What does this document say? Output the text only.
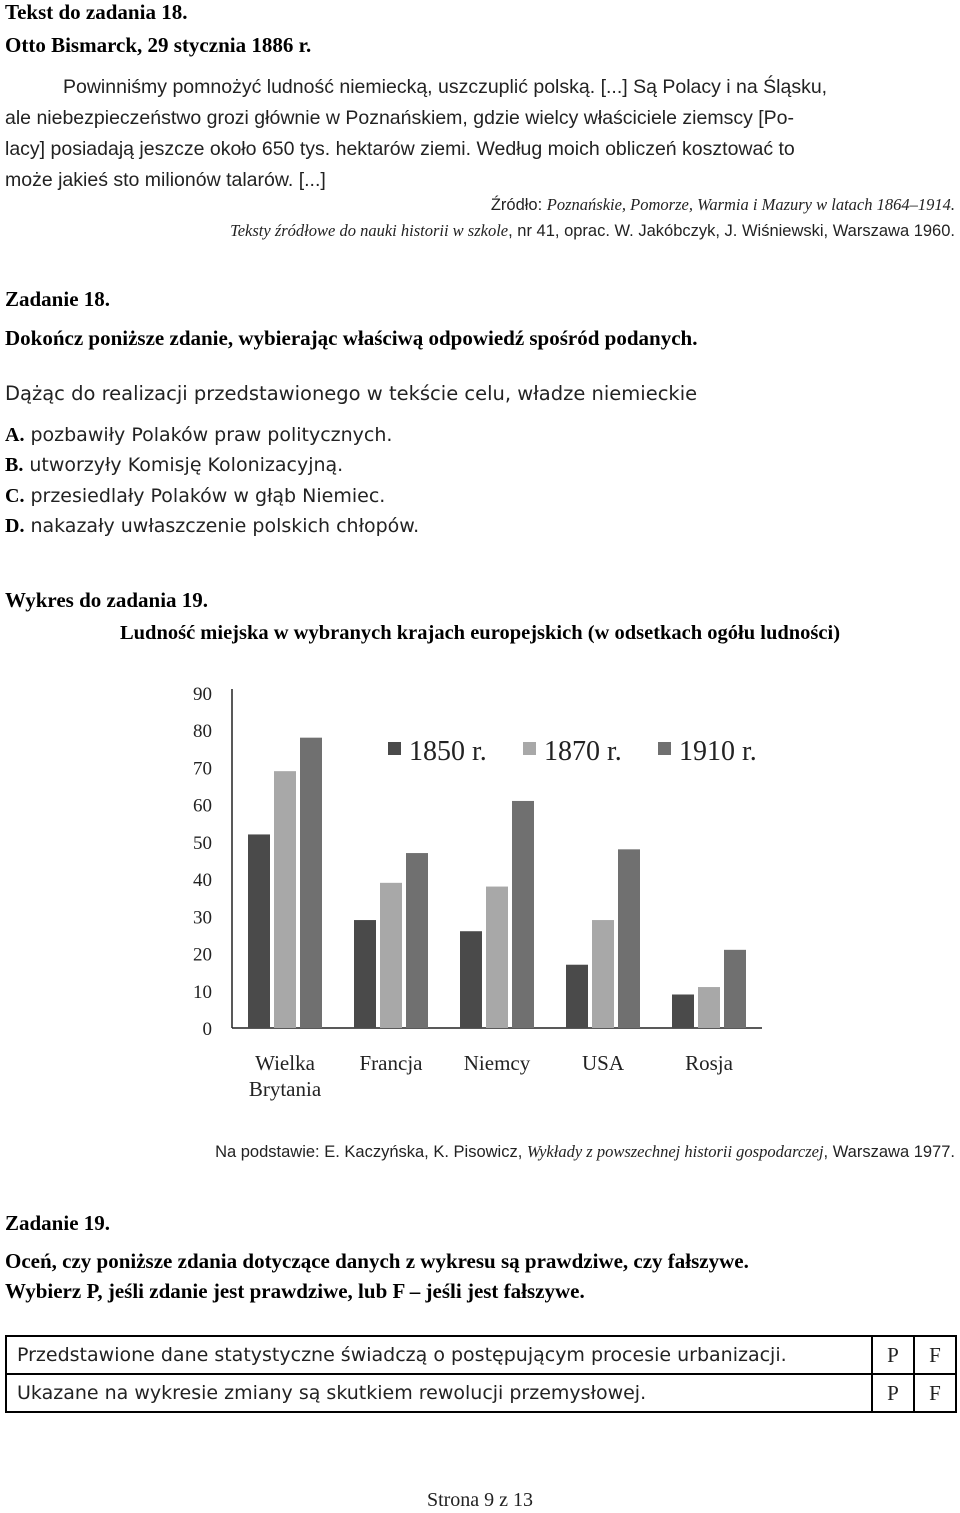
Tekst do zadania 18.
Otto Bismarck, 29 stycznia 1886 r.

Powinniśmy pomnożyć ludność niemiecką, uszczuplić polską. [...] Są Polacy i na Śląsku,

ale niebezpieczeństwo grozi głównie w Poznańskiem, gdzie wielcy właściciele ziemscy [Po-

lacy] posiadają jeszcze około 650 tys. hektarów ziemi. Według moich obliczeń kosztować to

może jakieś sto milionów talarów. [...]

Źródło: Poznańskie, Pomorze, Warmia i Mazury w latach 1864–1914.
Teksty źródłowe do nauki historii w szkole, nr 41, oprac. W. Jakóbczyk, J. Wiśniewski, Warszawa 1960.
Zadanie 18.
Dokończ poniższe zdanie, wybierając właściwą odpowiedź spośród podanych.
Dążąc do realizacji przedstawionego w tekście celu, władze niemieckie
A. pozbawiły Polaków praw politycznych.
B. utworzyły Komisję Kolonizacyjną.
C. przesiedlały Polaków w głąb Niemiec.
D. nakazały uwłaszczenie polskich chłopów.
Wykres do zadania 19.
Ludność miejska w wybranych krajach europejskich (w odsetkach ogółu ludności)
0
10
20
30
40
50
60
70
80
90
Wielka
Brytania
Francja Niemcy USA	Rosja
1850 r. 1870 r. 1910 r.
Na podstawie: E. Kaczyńska, K. Pisowicz, Wykłady z powszechnej historii gospodarczej, Warszawa 1977.
Zadanie 19.
Oceń, czy poniższe zdania dotyczące danych z wykresu są prawdziwe, czy fałszywe.
Wybierz P, jeśli zdanie jest prawdziwe, lub F – jeśli jest fałszywe.
Przedstawione dane statystyczne świadczą o postępującym procesie urbanizacji.	P	F
Ukazane na wykresie zmiany są skutkiem rewolucji przemysłowej.	P	F
Strona 9 z 13
